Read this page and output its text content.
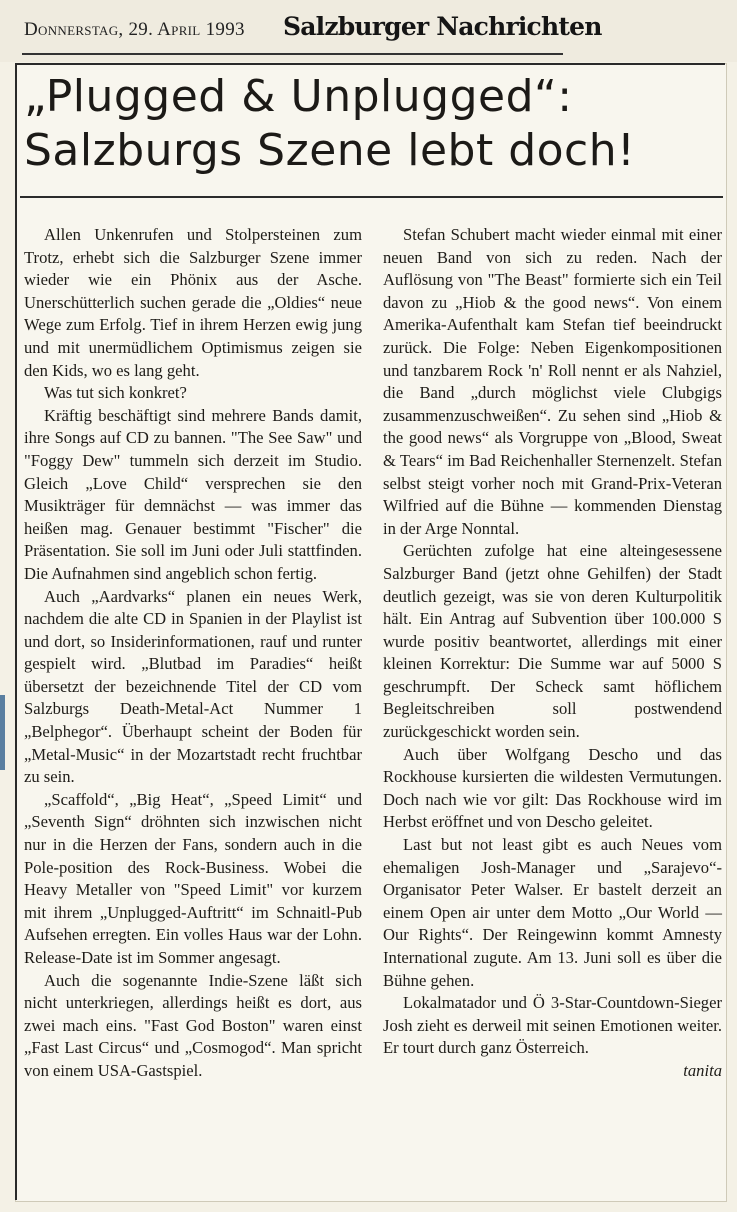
Donnerstag, 29. April 1993 Salzburger Nachrichten
„Plugged & Unplugged“:
Salzburgs Szene lebt doch!

Allen Unkenrufen und Stolpersteinen zum Trotz, erhebt sich die Salzburger Szene immer wieder wie ein Phönix aus der Asche. Unerschütterlich suchen gerade die „Oldies“ neue Wege zum Erfolg. Tief in ihrem Herzen ewig jung und mit unermüdlichem Optimismus zeigen sie den Kids, wo es lang geht.

Was tut sich konkret?

Kräftig beschäftigt sind mehrere Bands damit, ihre Songs auf CD zu bannen. "The See Saw" und "Foggy Dew" tummeln sich derzeit im Studio. Gleich „Love Child“ versprechen sie den Musikträger für demnächst — was immer das heißen mag. Genauer bestimmt "Fischer" die Präsentation. Sie soll im Juni oder Juli stattfinden. Die Aufnahmen sind angeblich schon fertig.

Auch „Aardvarks“ planen ein neues Werk, nachdem die alte CD in Spanien in der Playlist ist und dort, so Insiderinformationen, rauf und runter gespielt wird. „Blutbad im Paradies“ heißt übersetzt der bezeichnende Titel der CD vom Salzburgs Death-Metal-Act Nummer 1 „Belphegor“. Überhaupt scheint der Boden für „Metal-Music“ in der Mozartstadt recht fruchtbar zu sein.

„Scaffold“, „Big Heat“, „Speed Limit“ und „Seventh Sign“ dröhnten sich inzwischen nicht nur in die Herzen der Fans, sondern auch in die Pole-position des Rock-Business. Wobei die Heavy Metaller von "Speed Limit" vor kurzem mit ihrem „Unplugged-Auftritt“ im Schnaitl-Pub Aufsehen erregten. Ein volles Haus war der Lohn. Release-Date ist im Sommer angesagt.

Auch die sogenannte Indie-Szene läßt sich nicht unterkriegen, allerdings heißt es dort, aus zwei mach eins. "Fast God Boston" waren einst „Fast Last Circus“ und „Cosmogod“. Man spricht von einem USA-Gastspiel.

Stefan Schubert macht wieder einmal mit einer neuen Band von sich zu reden. Nach der Auflösung von "The Beast" formierte sich ein Teil davon zu „Hiob & the good news“. Von einem Amerika-Aufenthalt kam Stefan tief beeindruckt zurück. Die Folge: Neben Eigenkompositionen und tanzbarem Rock 'n' Roll nennt er als Nahziel, die Band „durch möglichst viele Clubgigs zusammenzuschweißen“. Zu sehen sind „Hiob & the good news“ als Vorgruppe von „Blood, Sweat & Tears“ im Bad Reichenhaller Sternenzelt. Stefan selbst steigt vorher noch mit Grand-Prix-Veteran Wilfried auf die Bühne — kommenden Dienstag in der Arge Nonntal.

Gerüchten zufolge hat eine alteingesessene Salzburger Band (jetzt ohne Gehilfen) der Stadt deutlich gezeigt, was sie von deren Kulturpolitik hält. Ein Antrag auf Subvention über 100.000 S wurde positiv beantwortet, allerdings mit einer kleinen Korrektur: Die Summe war auf 5000 S geschrumpft. Der Scheck samt höflichem Begleitschreiben soll postwendend zurückgeschickt worden sein.

Auch über Wolfgang Descho und das Rockhouse kursierten die wildesten Vermutungen. Doch nach wie vor gilt: Das Rockhouse wird im Herbst eröffnet und von Descho geleitet.

Last but not least gibt es auch Neues vom ehemaligen Josh-Manager und „Sarajevo“-Organisator Peter Walser. Er bastelt derzeit an einem Open air unter dem Motto „Our World — Our Rights“. Der Reingewinn kommt Amnesty International zugute. Am 13. Juni soll es über die Bühne gehen.

Lokalmatador und Ö 3-Star-Countdown-Sieger Josh zieht es derweil mit seinen Emotionen weiter. Er tourt durch ganz Österreich.

tanita
